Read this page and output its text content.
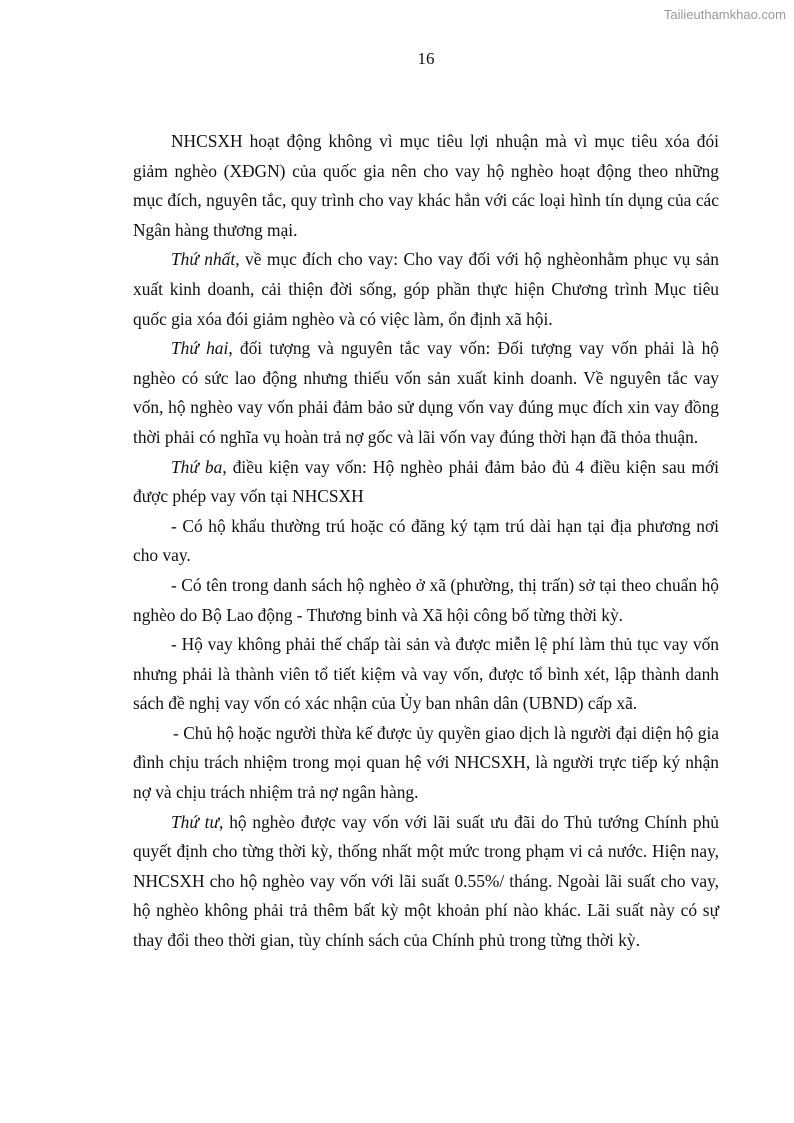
Tailieuthamkhao.com
16

NHCSXH hoạt động không vì mục tiêu lợi nhuận mà vì mục tiêu xóa đói giảm nghèo (XĐGN) của quốc gia nên cho vay hộ nghèo hoạt động theo những mục đích, nguyên tắc, quy trình cho vay khác hẳn với các loại hình tín dụng của các Ngân hàng thương mại.

Thứ nhất, về mục đích cho vay: Cho vay đối với hộ nghèonhằm phục vụ sản xuất kinh doanh, cải thiện đời sống, góp phần thực hiện Chương trình Mục tiêu quốc gia xóa đói giảm nghèo và có việc làm, ổn định xã hội.

Thứ hai, đối tượng và nguyên tắc vay vốn: Đối tượng vay vốn phải là hộ nghèo có sức lao động nhưng thiếu vốn sản xuất kinh doanh. Về nguyên tắc vay vốn, hộ nghèo vay vốn phải đảm bảo sử dụng vốn vay đúng mục đích xin vay đồng thời phải có nghĩa vụ hoàn trả nợ gốc và lãi vốn vay đúng thời hạn đã thỏa thuận.

Thứ ba, điều kiện vay vốn: Hộ nghèo phải đảm bảo đủ 4 điều kiện sau mới được phép vay vốn tại NHCSXH

- Có hộ khẩu thường trú hoặc có đăng ký tạm trú dài hạn tại địa phương nơi cho vay.

- Có tên trong danh sách hộ nghèo ở xã (phường, thị trấn) sở tại theo chuẩn hộ nghèo do Bộ Lao động - Thương binh và Xã hội công bố từng thời kỳ.

- Hộ vay không phải thế chấp tài sản và được miễn lệ phí làm thủ tục vay vốn nhưng phải là thành viên tổ tiết kiệm và vay vốn, được tổ bình xét, lập thành danh sách đề nghị vay vốn có xác nhận của Ủy ban nhân dân (UBND) cấp xã.

- Chủ hộ hoặc người thừa kế được ủy quyền giao dịch là người đại diện hộ gia đình chịu trách nhiệm trong mọi quan hệ với NHCSXH, là người trực tiếp ký nhận nợ và chịu trách nhiệm trả nợ ngân hàng.

Thứ tư, hộ nghèo được vay vốn với lãi suất ưu đãi do Thủ tướng Chính phủ quyết định cho từng thời kỳ, thống nhất một mức trong phạm vi cả nước. Hiện nay, NHCSXH cho hộ nghèo vay vốn với lãi suất 0.55%/ tháng. Ngoài lãi suất cho vay, hộ nghèo không phải trả thêm bất kỳ một khoản phí nào khác. Lãi suất này có sự thay đổi theo thời gian, tùy chính sách của Chính phủ trong từng thời kỳ.
